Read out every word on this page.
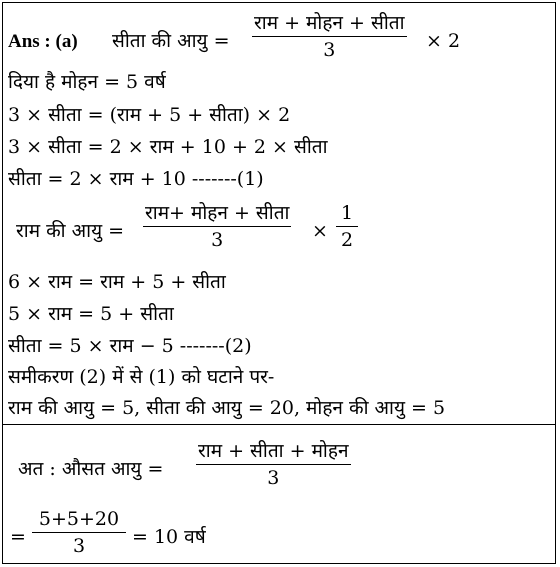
Ans : (a) सीता की आयु =
राम + मोहन + सीता
3	× 2
दिया है मोहन = 5 वर्ष
3 × सीता = (राम + 5 + सीता) × 2
3 × सीता = 2 × राम + 10 + 2 × सीता
सीता = 2 × राम + 10 -------(1)
राम की आयु =
राम+ मोहन + सीता
3	× $\frac{1}{2}$
6 × राम = राम + 5 + सीता
5 × राम = 5 + सीता
सीता = 5 × राम − 5 -------(2)
समीकरण (2) में से (1) को घटाने पर-
राम की आयु = 5, सीता की आयु = 20, मोहन की आयु = 5
अत : औसत आयु =
राम + सीता + मोहन
3
= $\frac{5+5+20}{3} = 10$ वर्ष
